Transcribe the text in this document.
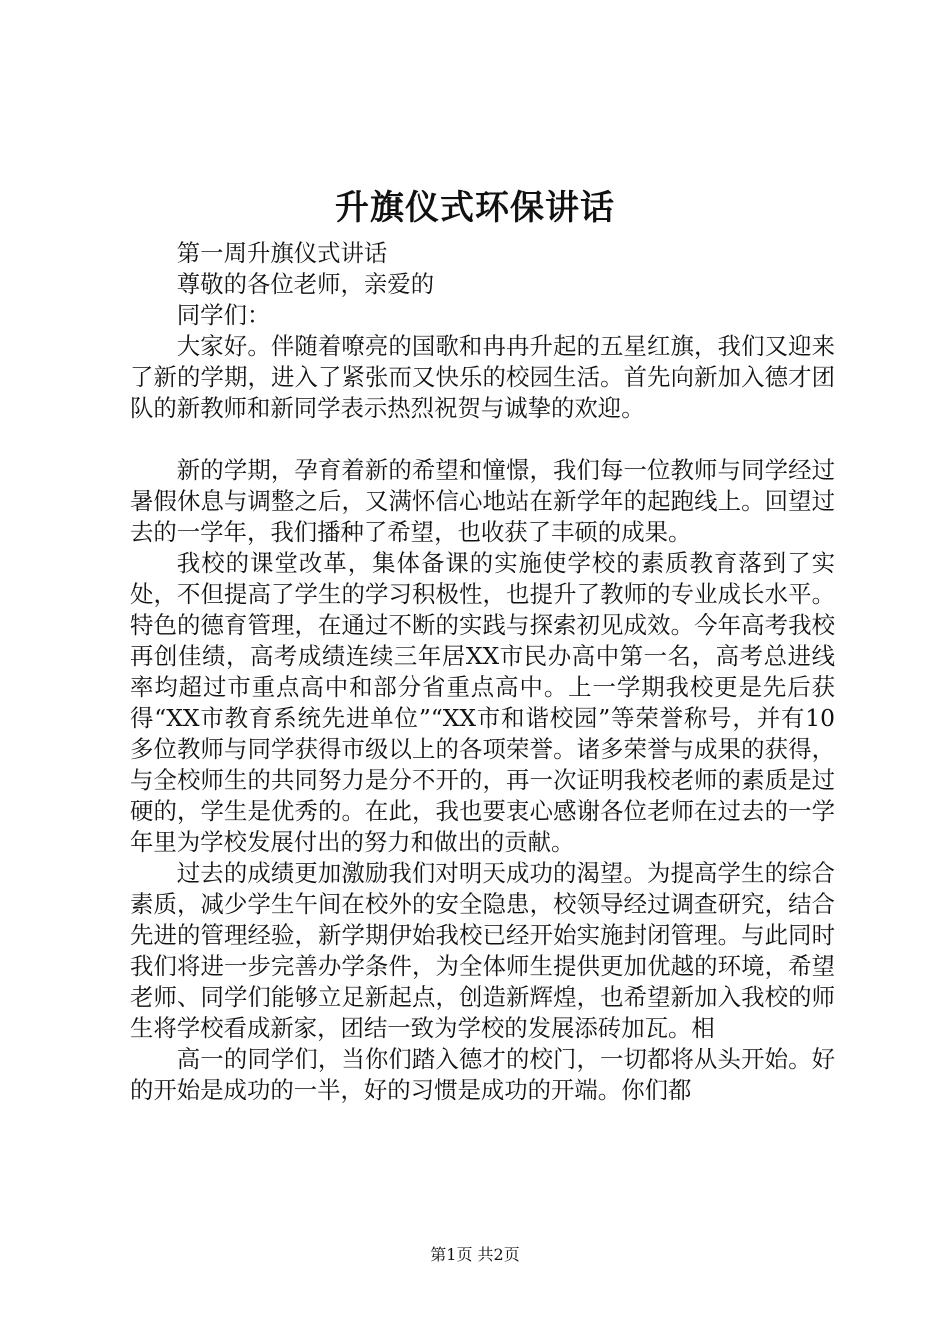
升旗仪式环保讲话

第一周升旗仪式讲话

尊敬的各位老师，亲爱的

同学们：

大家好。伴随着嘹亮的国歌和冉冉升起的五星红旗，我们又迎来了新的学期，进入了紧张而又快乐的校园生活。首先向新加入德才团队的新教师和新同学表示热烈祝贺与诚挚的欢迎。

新的学期，孕育着新的希望和憧憬，我们每一位教师与同学经过暑假休息与调整之后，又满怀信心地站在新学年的起跑线上。回望过去的一学年，我们播种了希望，也收获了丰硕的成果。

我校的课堂改革，集体备课的实施使学校的素质教育落到了实处，不但提高了学生的学习积极性，也提升了教师的专业成长水平。特色的德育管理，在通过不断的实践与探索初见成效。今年高考我校再创佳绩，高考成绩连续三年居XX市民办高中第一名，高考总进线率均超过市重点高中和部分省重点高中。上一学期我校更是先后获得“XX市教育系统先进单位”“XX市和谐校园”等荣誉称号，并有10多位教师与同学获得市级以上的各项荣誉。诸多荣誉与成果的获得，与全校师生的共同努力是分不开的，再一次证明我校老师的素质是过硬的，学生是优秀的。在此，我也要衷心感谢各位老师在过去的一学年里为学校发展付出的努力和做出的贡献。

过去的成绩更加激励我们对明天成功的渴望。为提高学生的综合素质，减少学生午间在校外的安全隐患，校领导经过调查研究，结合先进的管理经验，新学期伊始我校已经开始实施封闭管理。与此同时我们将进一步完善办学条件，为全体师生提供更加优越的环境，希望老师、同学们能够立足新起点，创造新辉煌，也希望新加入我校的师生将学校看成新家，团结一致为学校的发展添砖加瓦。相

高一的同学们，当你们踏入德才的校门，一切都将从头开始。好的开始是成功的一半，好的习惯是成功的开端。你们都

第1页 共2页
